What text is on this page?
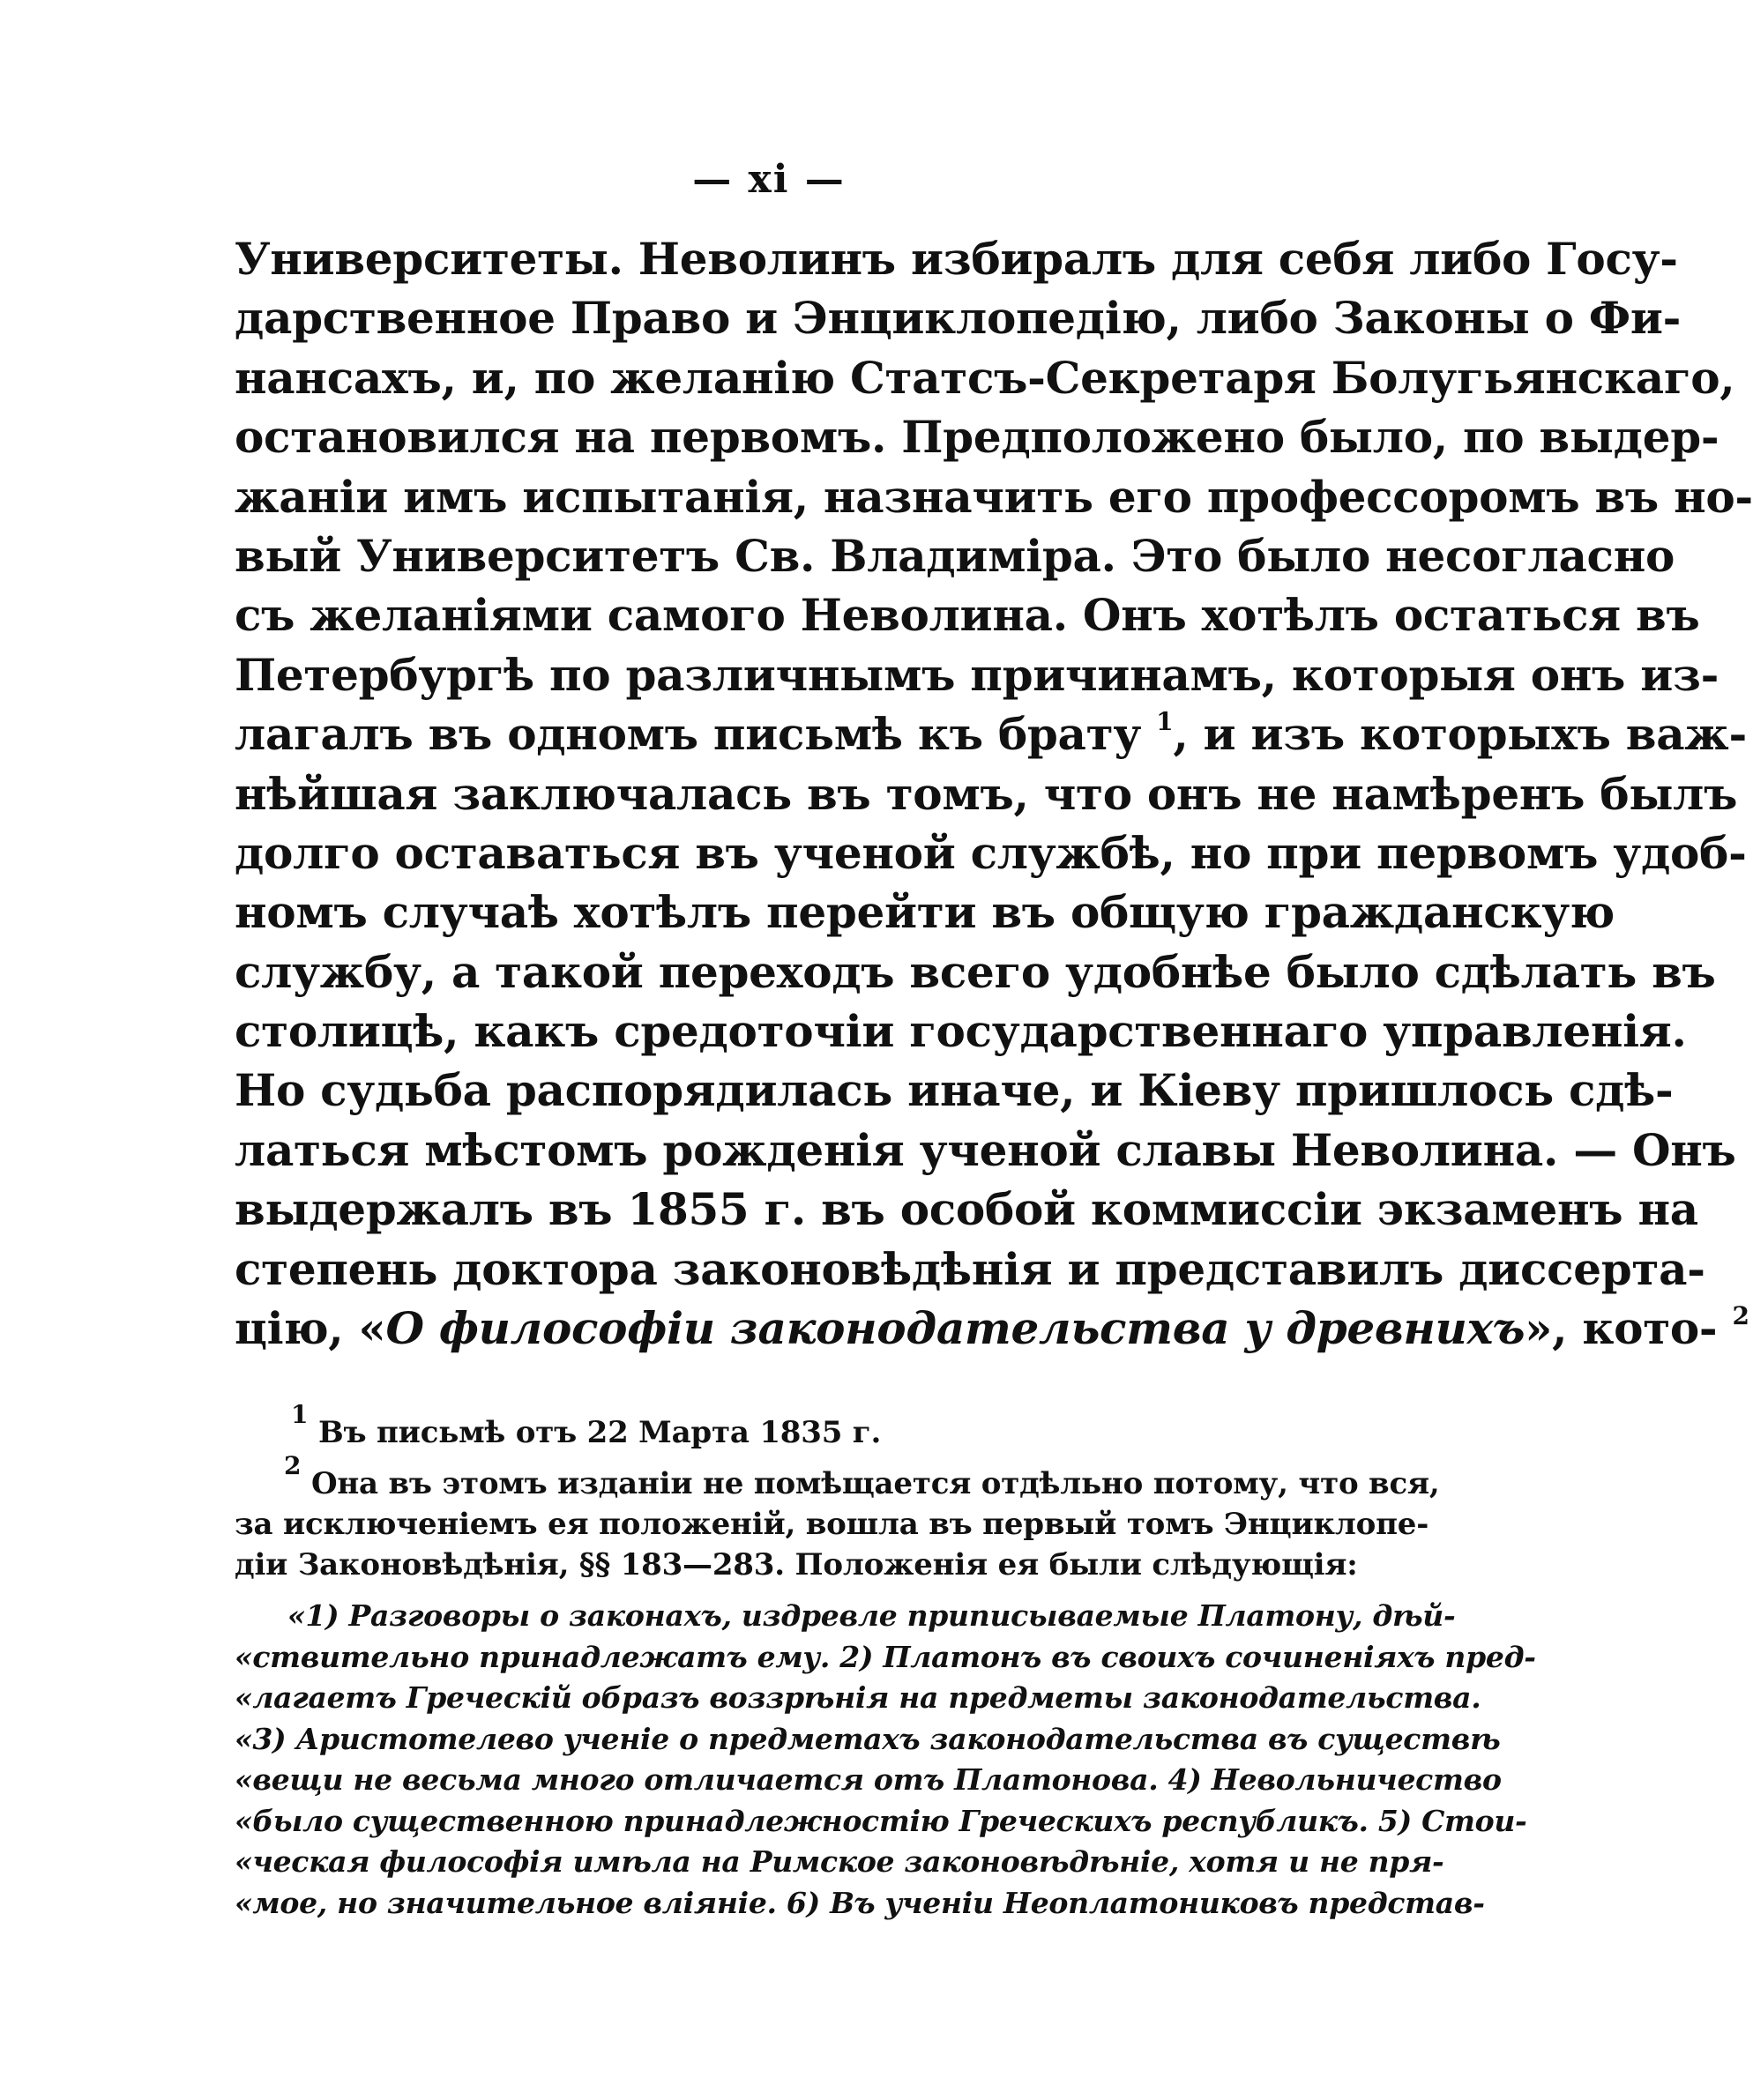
— xi —
Университеты. Неволинъ избиралъ для себя либо Госу-
дарственное Право и Энциклопедію, либо Законы о Фи-
нансахъ, и, по желанію Статсъ-Секретаря Болугьянскаго,
остановился на первомъ. Предположено было, по выдер-
жаніи имъ испытанія, назначить его профессоромъ въ но-
вый Университетъ Св. Владиміра. Это было несогласно
съ желаніями самого Неволина. Онъ хотѣлъ остаться въ
Петербургѣ по различнымъ причинамъ, которыя онъ из-
лагалъ въ одномъ письмѣ къ брату $^1$, и изъ которыхъ важ-
нѣйшая заключалась въ томъ, что онъ не намѣренъ былъ
долго оставаться въ ученой службѣ, но при первомъ удоб-
номъ случаѣ хотѣлъ перейти въ общую гражданскую
службу, а такой переходъ всего удобнѣе было сдѣлать въ
столицѣ, какъ средоточіи государственнаго управленія.
Но судьба распорядилась иначе, и Кіеву пришлось сдѣ-
латься мѣстомъ рожденія ученой славы Неволина. — Онъ
выдержалъ въ 1855 г. въ особой коммиссіи экзаменъ на
степень доктора законовѣдѣнія и представилъ диссерта-
цію, «О философіи законодательства у древнихъ», кото- $^2$
$^1$ Въ письмѣ отъ 22 Марта 1835 г.
$^2$ Она въ этомъ изданіи не помѣщается отдѣльно потому, что вся,
за исключеніемъ ея положеній, вошла въ первый томъ Энциклопе-
діи Законовѣдѣнія, §§ 183—283. Положенія ея были слѣдующія:
«1) Разговоры о законахъ, издревле приписываемые Платону, дѣй-
«ствительно принадлежатъ ему. 2) Платонъ въ своихъ сочиненіяхъ пред-
«лагаетъ Греческій образъ воззрѣнія на предметы законодательства.
«3) Аристотелево ученіе о предметахъ законодательства въ существѣ
«вещи не весьма много отличается отъ Платонова. 4) Невольничество
«было существенною принадлежностію Греческихъ республикъ. 5) Стои-
«ческая философія имѣла на Римское законовѣдѣніе, хотя и не пря-
«мое, но значительное вліяніе. 6) Въ ученіи Неоплатониковъ представ-
